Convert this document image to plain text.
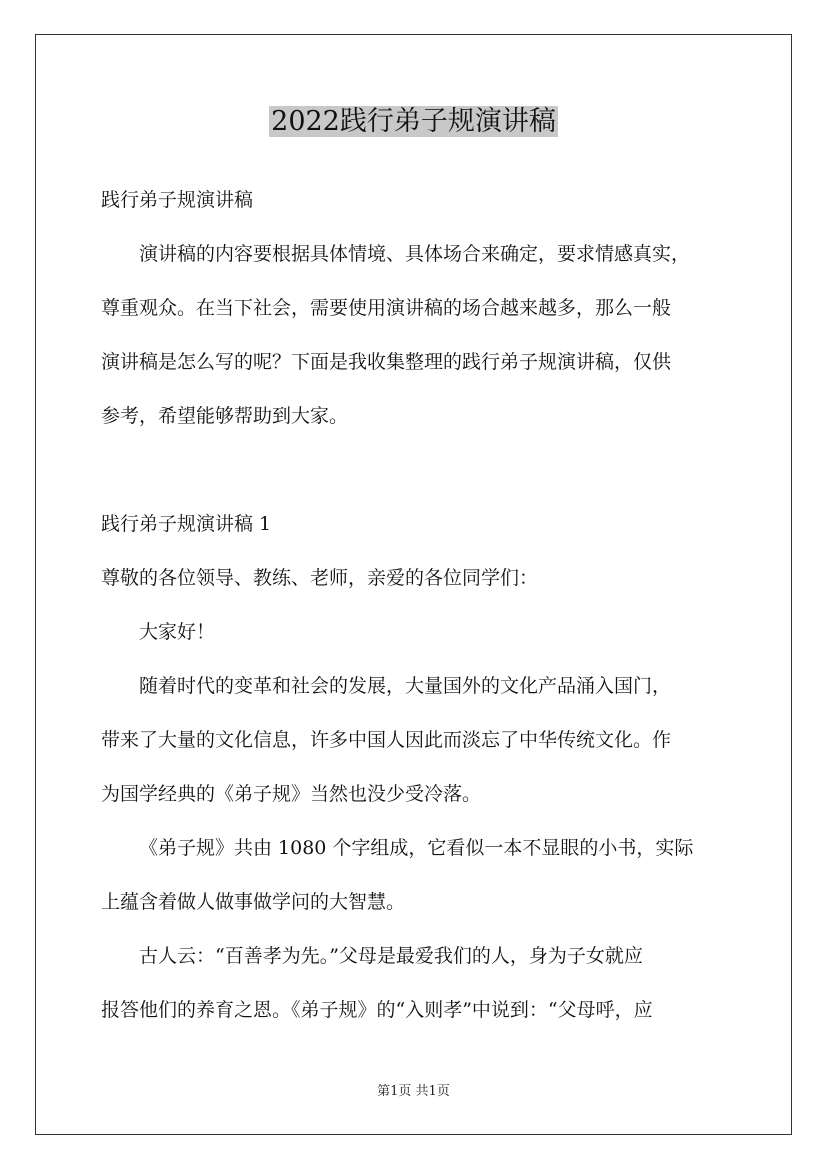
2022践行弟子规演讲稿

践行弟子规演讲稿

演讲稿的内容要根据具体情境、具体场合来确定，要求情感真实，

尊重观众。在当下社会，需要使用演讲稿的场合越来越多，那么一般

演讲稿是怎么写的呢？下面是我收集整理的践行弟子规演讲稿，仅供

参考，希望能够帮助到大家。

践行弟子规演讲稿 1

尊敬的各位领导、教练、老师，亲爱的各位同学们：

大家好！

随着时代的变革和社会的发展，大量国外的文化产品涌入国门，

带来了大量的文化信息，许多中国人因此而淡忘了中华传统文化。作

为国学经典的《弟子规》当然也没少受冷落。

《弟子规》共由 1080 个字组成，它看似一本不显眼的小书，实际

上蕴含着做人做事做学问的大智慧。

古人云：“百善孝为先。”父母是最爱我们的人，身为子女就应

报答他们的养育之恩。《弟子规》的“入则孝”中说到：“父母呼，应

第1页 共1页
